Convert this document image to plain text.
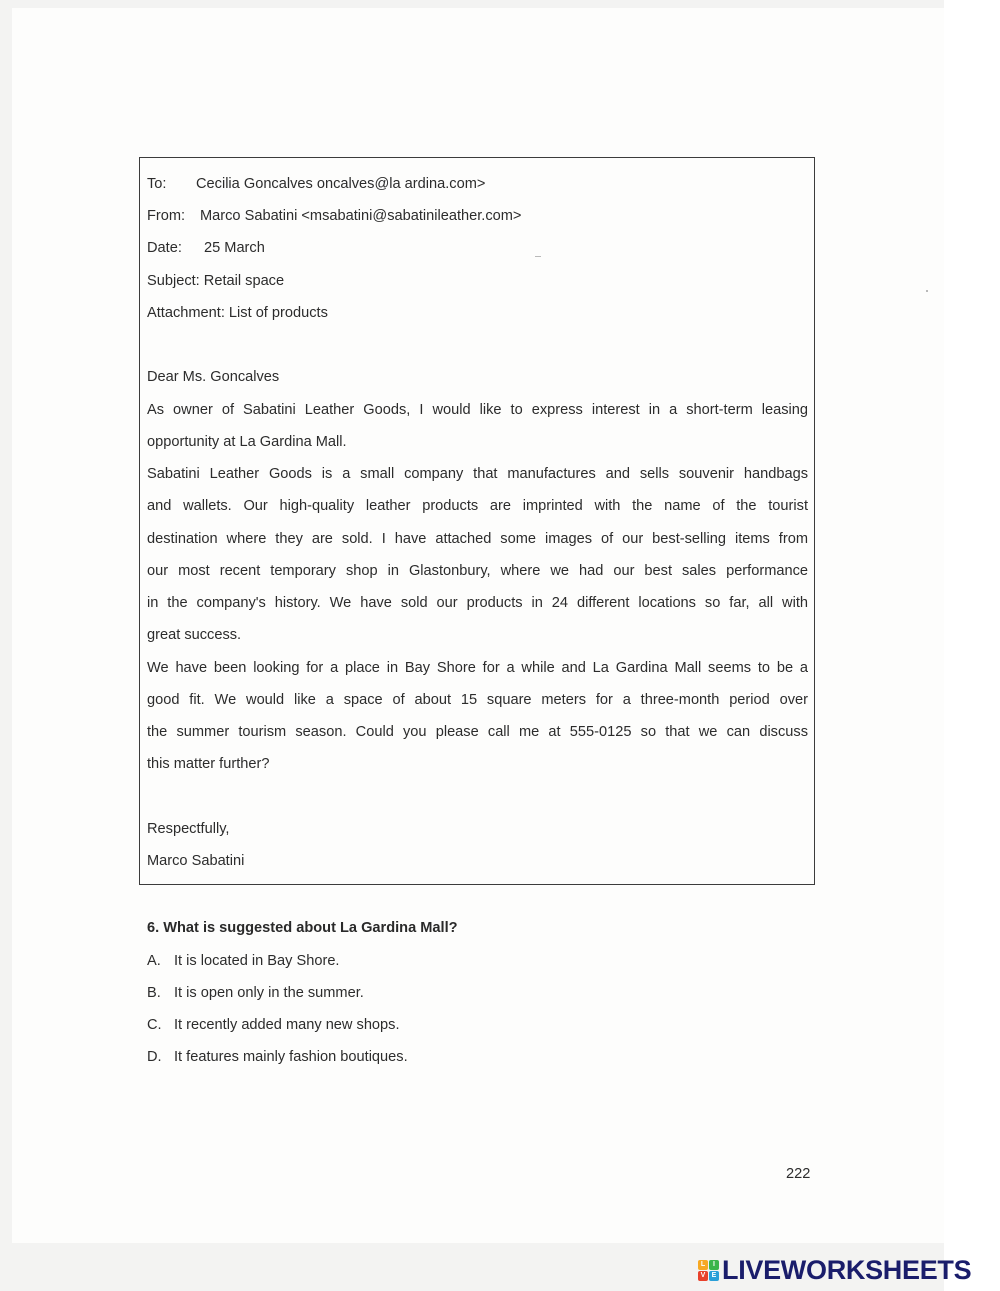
To: Cecilia Goncalves oncalves@la ardina.com>
From: Marco Sabatini <msabatini@sabatinileather.com>
Date: 25 March
Subject: Retail space
Attachment: List of products
Dear Ms. Goncalves
As owner of Sabatini Leather Goods, I would like to express interest in a short-term leasing
opportunity at La Gardina Mall.
Sabatini Leather Goods is a small company that manufactures and sells souvenir handbags
and wallets. Our high-quality leather products are imprinted with the name of the tourist
destination where they are sold. I have attached some images of our best-selling items from
our most recent temporary shop in Glastonbury, where we had our best sales performance
in the company's history. We have sold our products in 24 different locations so far, all with
great success.
We have been looking for a place in Bay Shore for a while and La Gardina Mall seems to be a
good fit. We would like a space of about 15 square meters for a three-month period over
the summer tourism season. Could you please call me at 555-0125 so that we can discuss
this matter further?
Respectfully,
Marco Sabatini
6. What is suggested about La Gardina Mall?
A. It is located in Bay Shore.
B. It is open only in the summer.
C. It recently added many new shops.
D. It features mainly fashion boutiques.
222
L	I
V E LIVEWORKSHEETS
